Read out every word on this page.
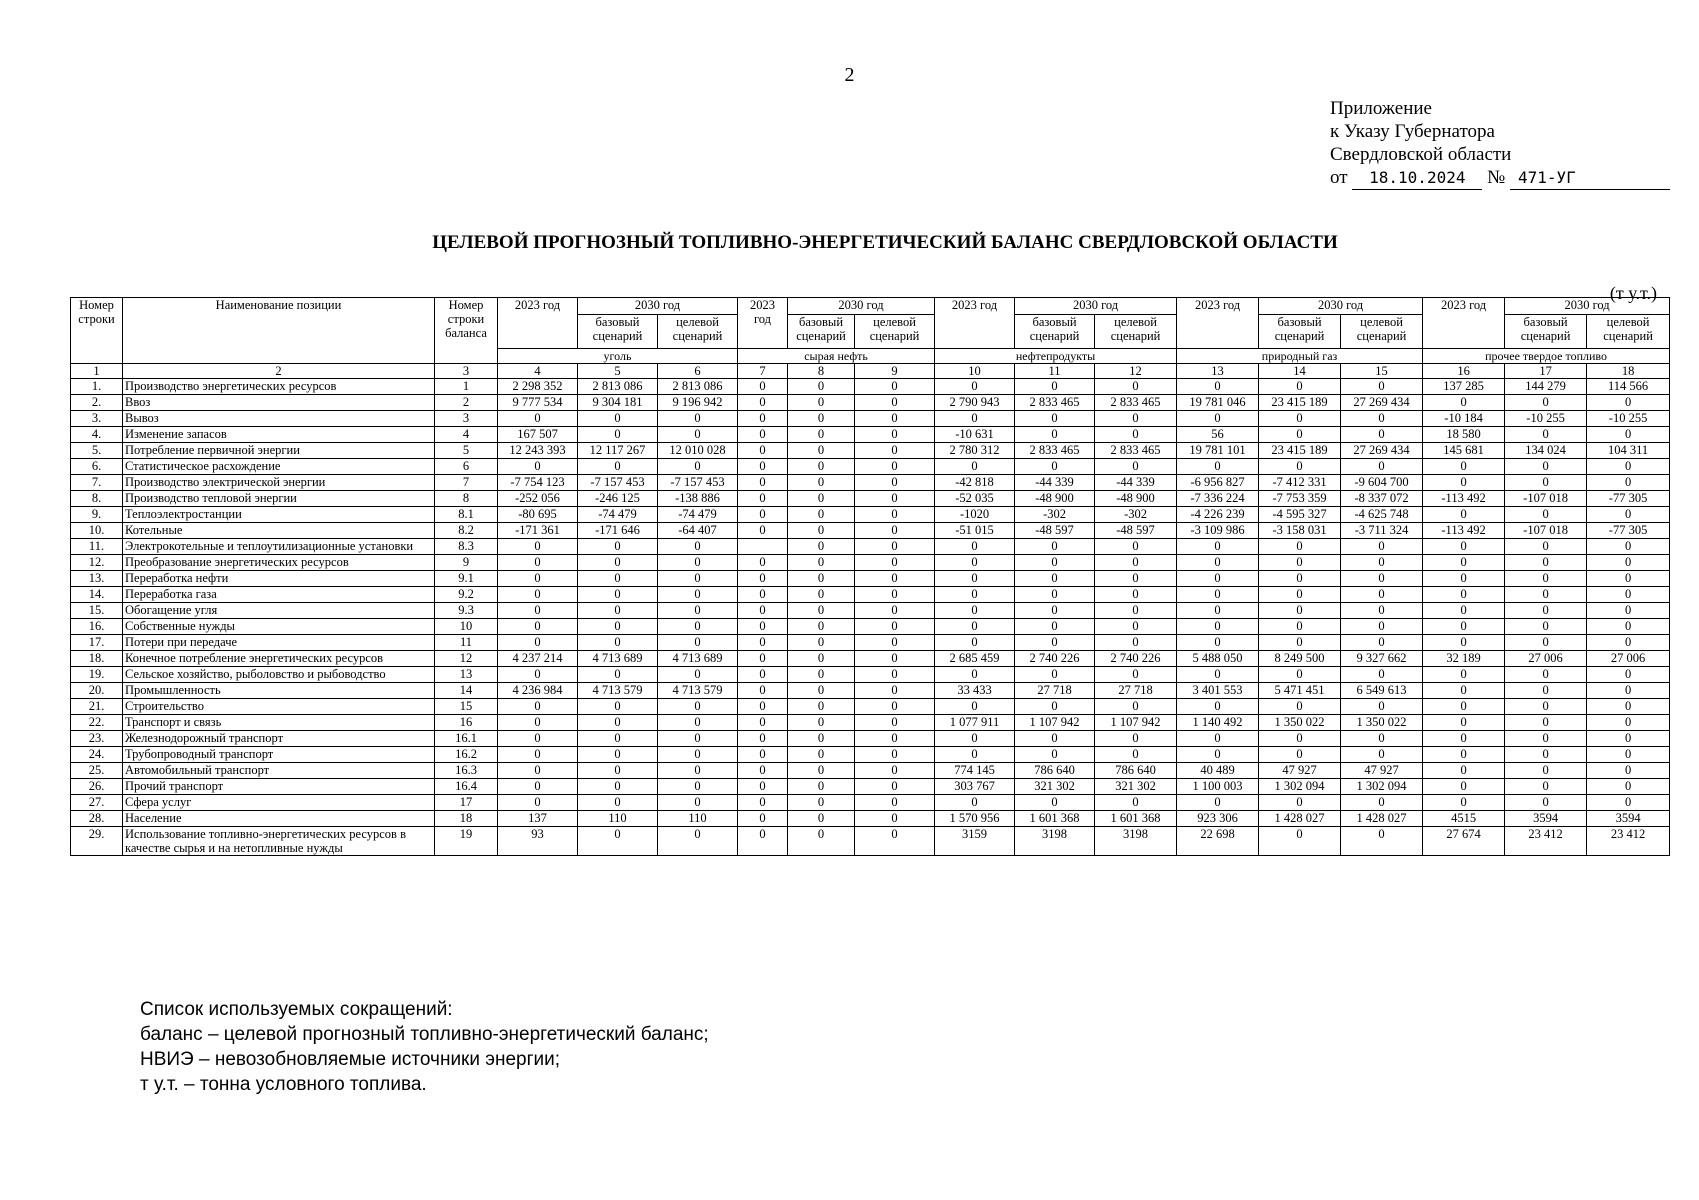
2
Приложение
к Указу Губернатора
Свердловской области
от 18.10.2024 № 471-УГ
ЦЕЛЕВОЙ ПРОГНОЗНЫЙ ТОПЛИВНО-ЭНЕРГЕТИЧЕСКИЙ БАЛАНС СВЕРДЛОВСКОЙ ОБЛАСТИ
(т у.т.)
Номер строки	Наименование позиции	Номер строки баланса	2023 год	2030 год		2023 год	2030 год		2023 год	2030 год		2023 год	2030 год		2023 год	2030 год	
				базовый сценарий	целевой сценарий		базовый сценарий	целевой сценарий		базовый сценарий	целевой сценарий		базовый сценарий	целевой сценарий		базовый сценарий	целевой сценарий
			уголь			сырая нефть			нефтепродукты			природный газ			прочее твердое топливо		
1	2	3	4	5	6	7	8	9	10	11	12	13	14	15	16	17	18
1.	Производство энергетических ресурсов	1	2 298 352	2 813 086	2 813 086	0	0	0	0	0	0	0	0	0	137 285	144 279	114 566
2.	Ввоз	2	9 777 534	9 304 181	9 196 942	0	0	0	2 790 943	2 833 465	2 833 465	19 781 046	23 415 189	27 269 434	0	0	0
3.	Вывоз	3	0	0	0	0	0	0	0	0	0	0	0	0	-10 184	-10 255	-10 255
4.	Изменение запасов	4	167 507	0	0	0	0	0	-10 631	0	0	56	0	0	18 580	0	0
5.	Потребление первичной энергии	5	12 243 393	12 117 267	12 010 028	0	0	0	2 780 312	2 833 465	2 833 465	19 781 101	23 415 189	27 269 434	145 681	134 024	104 311
6.	Статистическое расхождение	6	0	0	0	0	0	0	0	0	0	0	0	0	0	0	0
7.	Производство электрической энергии	7	-7 754 123	-7 157 453	-7 157 453	0	0	0	-42 818	-44 339	-44 339	-6 956 827	-7 412 331	-9 604 700	0	0	0
8.	Производство тепловой энергии	8	-252 056	-246 125	-138 886	0	0	0	-52 035	-48 900	-48 900	-7 336 224	-7 753 359	-8 337 072	-113 492	-107 018	-77 305
9.	Теплоэлектростанции	8.1	-80 695	-74 479	-74 479	0	0	0	-1020	-302	-302	-4 226 239	-4 595 327	-4 625 748	0	0	0
10.	Котельные	8.2	-171 361	-171 646	-64 407	0	0	0	-51 015	-48 597	-48 597	-3 109 986	-3 158 031	-3 711 324	-113 492	-107 018	-77 305
11.	Электрокотельные и теплоутилизационные установки	8.3	0	0	0		0	0	0	0	0	0	0	0	0	0	0
12.	Преобразование энергетических ресурсов	9	0	0	0	0	0	0	0	0	0	0	0	0	0	0	0
13.	Переработка нефти	9.1	0	0	0	0	0	0	0	0	0	0	0	0	0	0	0
14.	Переработка газа	9.2	0	0	0	0	0	0	0	0	0	0	0	0	0	0	0
15.	Обогащение угля	9.3	0	0	0	0	0	0	0	0	0	0	0	0	0	0	0
16.	Собственные нужды	10	0	0	0	0	0	0	0	0	0	0	0	0	0	0	0
17.	Потери при передаче	11	0	0	0	0	0	0	0	0	0	0	0	0	0	0	0
18.	Конечное потребление энергетических ресурсов	12	4 237 214	4 713 689	4 713 689	0	0	0	2 685 459	2 740 226	2 740 226	5 488 050	8 249 500	9 327 662	32 189	27 006	27 006
19.	Сельское хозяйство, рыболовство и рыбоводство	13	0	0	0	0	0	0	0	0	0	0	0	0	0	0	0
20.	Промышленность	14	4 236 984	4 713 579	4 713 579	0	0	0	33 433	27 718	27 718	3 401 553	5 471 451	6 549 613	0	0	0
21.	Строительство	15	0	0	0	0	0	0	0	0	0	0	0	0	0	0	0
22.	Транспорт и связь	16	0	0	0	0	0	0	1 077 911	1 107 942	1 107 942	1 140 492	1 350 022	1 350 022	0	0	0
23.	Железнодорожный транспорт	16.1	0	0	0	0	0	0	0	0	0	0	0	0	0	0	0
24.	Трубопроводный транспорт	16.2	0	0	0	0	0	0	0	0	0	0	0	0	0	0	0
25.	Автомобильный транспорт	16.3	0	0	0	0	0	0	774 145	786 640	786 640	40 489	47 927	47 927	0	0	0
26.	Прочий транспорт	16.4	0	0	0	0	0	0	303 767	321 302	321 302	1 100 003	1 302 094	1 302 094	0	0	0
27.	Сфера услуг	17	0	0	0	0	0	0	0	0	0	0	0	0	0	0	0
28.	Население	18	137	110	110	0	0	0	1 570 956	1 601 368	1 601 368	923 306	1 428 027	1 428 027	4515	3594	3594
29.	Использование топливно-энергетических ресурсов в качестве сырья и на нетопливные нужды	19	93	0	0	0	0	0	3159	3198	3198	22 698	0	0	27 674	23 412	23 412
Список используемых сокращений:
баланс – целевой прогнозный топливно-энергетический баланс;
НВИЭ – невозобновляемые источники энергии;
т у.т. – тонна условного топлива.
